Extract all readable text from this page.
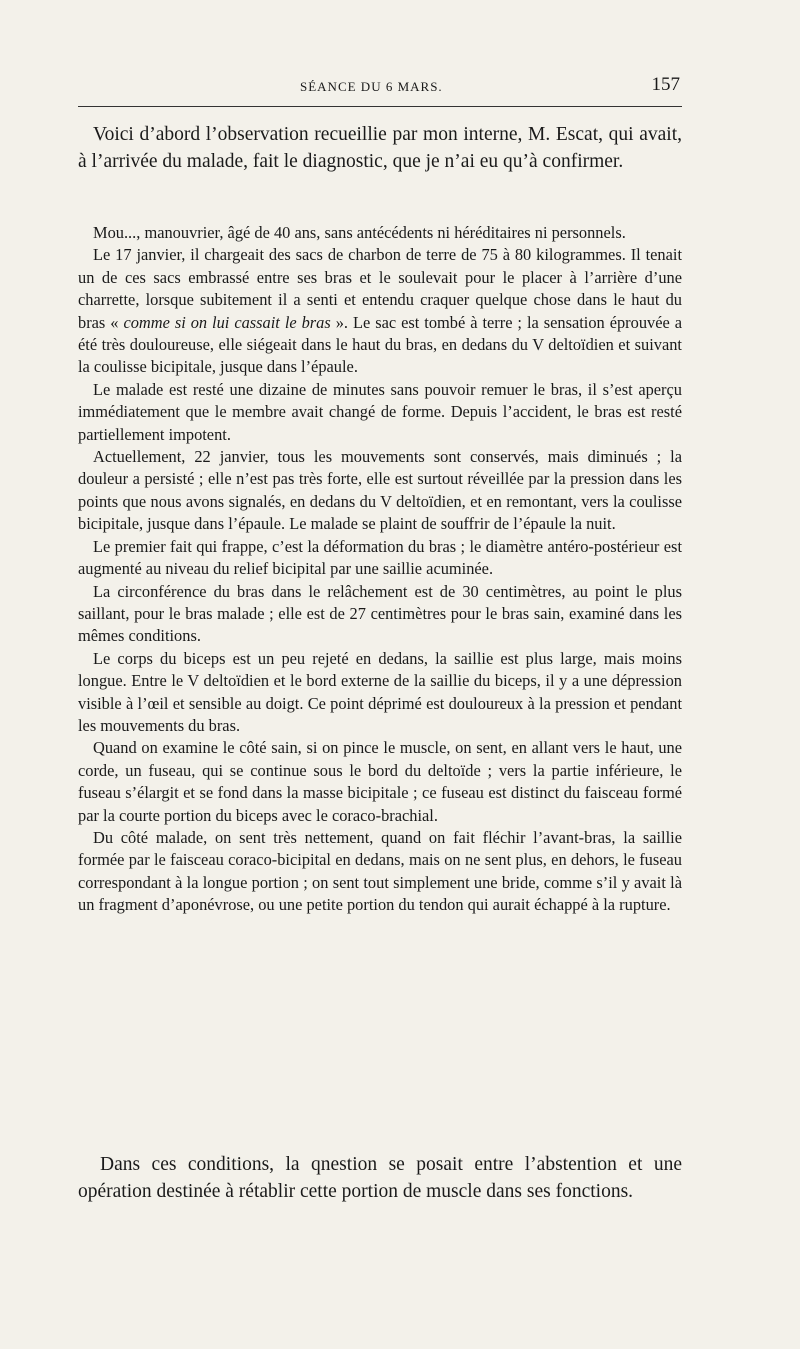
SÉANCE DU 6 MARS.	157

Voici d’abord l’observation recueillie par mon interne, M. Escat, qui avait, à l’arrivée du malade, fait le diagnostic, que je n’ai eu qu’à confirmer.

Mou..., manouvrier, âgé de 40 ans, sans antécédents ni héréditaires ni personnels.

Le 17 janvier, il chargeait des sacs de charbon de terre de 75 à 80 kilogrammes. Il tenait un de ces sacs embrassé entre ses bras et le soulevait pour le placer à l’arrière d’une charrette, lorsque subitement il a senti et entendu craquer quelque chose dans le haut du bras « comme si on lui cassait le bras ». Le sac est tombé à terre ; la sensation éprouvée a été très douloureuse, elle siégeait dans le haut du bras, en dedans du V deltoïdien et suivant la coulisse bicipitale, jusque dans l’épaule.

Le malade est resté une dizaine de minutes sans pouvoir remuer le bras, il s’est aperçu immédiatement que le membre avait changé de forme. Depuis l’accident, le bras est resté partiellement impotent.

Actuellement, 22 janvier, tous les mouvements sont conservés, mais diminués ; la douleur a persisté ; elle n’est pas très forte, elle est surtout réveillée par la pression dans les points que nous avons signalés, en dedans du V deltoïdien, et en remontant, vers la coulisse bicipitale, jusque dans l’épaule. Le malade se plaint de souffrir de l’épaule la nuit.

Le premier fait qui frappe, c’est la déformation du bras ; le diamètre antéro-postérieur est augmenté au niveau du relief bicipital par une saillie acuminée.

La circonférence du bras dans le relâchement est de 30 centimètres, au point le plus saillant, pour le bras malade ; elle est de 27 centimètres pour le bras sain, examiné dans les mêmes conditions.

Le corps du biceps est un peu rejeté en dedans, la saillie est plus large, mais moins longue. Entre le V deltoïdien et le bord externe de la saillie du biceps, il y a une dépression visible à l’œil et sensible au doigt. Ce point déprimé est douloureux à la pression et pendant les mouvements du bras.

Quand on examine le côté sain, si on pince le muscle, on sent, en allant vers le haut, une corde, un fuseau, qui se continue sous le bord du deltoïde ; vers la partie inférieure, le fuseau s’élargit et se fond dans la masse bicipitale ; ce fuseau est distinct du faisceau formé par la courte portion du biceps avec le coraco-brachial.

Du côté malade, on sent très nettement, quand on fait fléchir l’avant-bras, la saillie formée par le faisceau coraco-bicipital en dedans, mais on ne sent plus, en dehors, le fuseau correspondant à la longue portion ; on sent tout simplement une bride, comme s’il y avait là un fragment d’aponévrose, ou une petite portion du tendon qui aurait échappé à la rupture.

Dans ces conditions, la qnestion se posait entre l’abstention et une opération destinée à rétablir cette portion de muscle dans ses fonctions.
